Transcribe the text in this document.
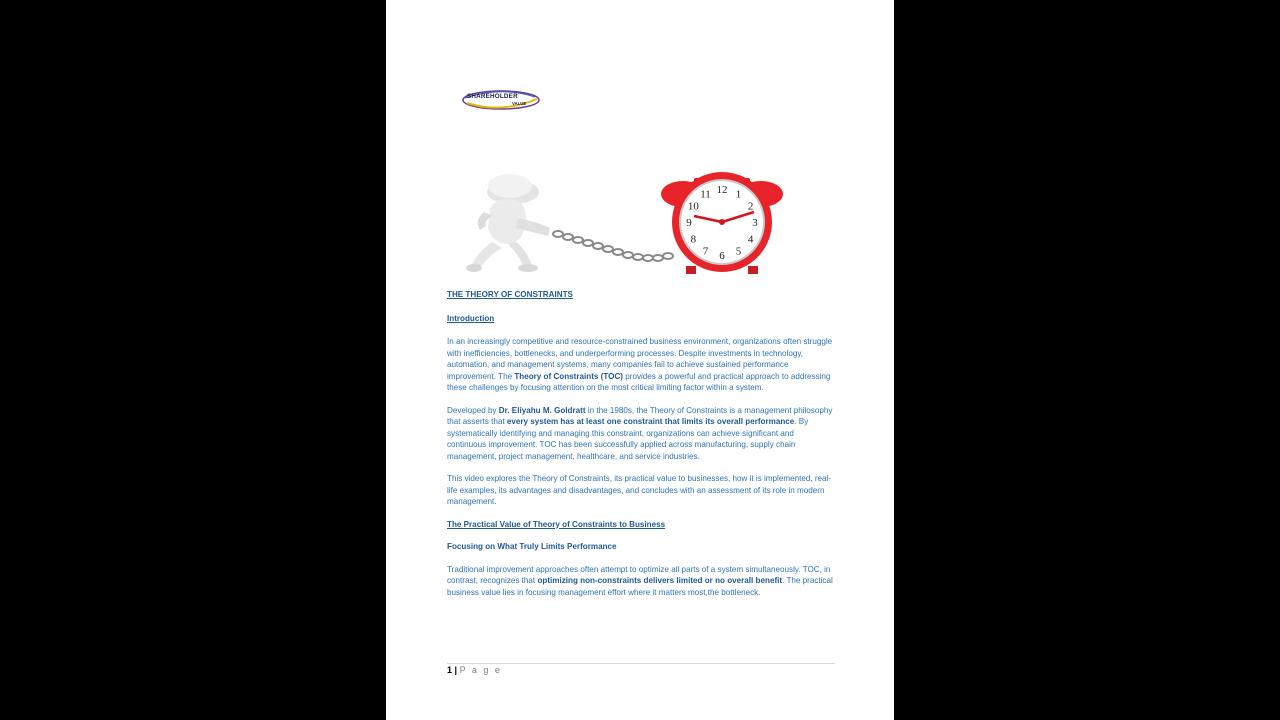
SHAREHOLDER
VALUE
12 1
2
3
4
5
6
7
8
9
10
11

THE THEORY OF CONSTRAINTS

Introduction

In an increasingly competitive and resource-constrained business environment, organizations often struggle with inefficiencies, bottlenecks, and underperforming processes. Despite investments in technology, automation, and management systems, many companies fail to achieve sustained performance improvement. The Theory of Constraints (TOC) provides a powerful and practical approach to addressing these challenges by focusing attention on the most critical limiting factor within a system.

Developed by Dr. Eliyahu M. Goldratt in the 1980s, the Theory of Constraints is a management philosophy that asserts that every system has at least one constraint that limits its overall performance. By systematically identifying and managing this constraint, organizations can achieve significant and continuous improvement. TOC has been successfully applied across manufacturing, supply chain management, project management, healthcare, and service industries.

This video explores the Theory of Constraints, its practical value to businesses, how it is implemented, real-life examples, its advantages and disadvantages, and concludes with an assessment of its role in modern management.

The Practical Value of Theory of Constraints to Business

Focusing on What Truly Limits Performance

Traditional improvement approaches often attempt to optimize all parts of a system simultaneously. TOC, in contrast, recognizes that optimizing non-constraints delivers limited or no overall benefit. The practical business value lies in focusing management effort where it matters most,the bottleneck.

1 | P a g e
